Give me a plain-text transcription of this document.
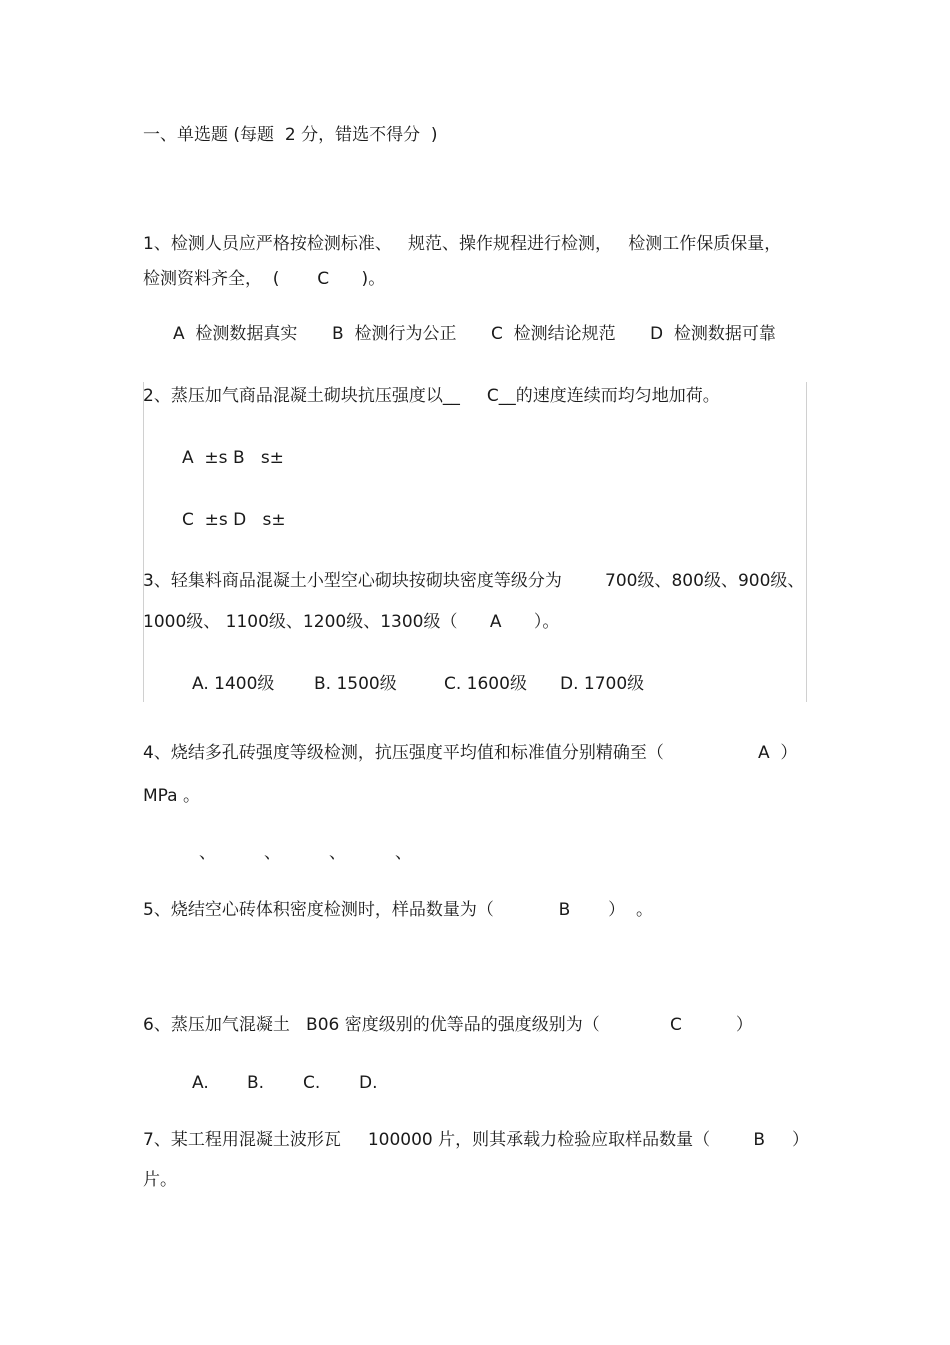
一、单选题 (每题  2 分，错选不得分  )
1、检测人员应严格按检测标准、   规范、操作规程进行检测，   检测工作保质保量，
检测资料齐全，  (       C      )。
A  检测数据真实 B  检测行为公正 C  检测结论规范 D  检测数据可靠
2、蒸压加气商品混凝土砌块抗压强度以__     C__的速度连续而均匀地加荷。
A  ±s B   s±
C  ±s D   s±
3、轻集料商品混凝土小型空心砌块按砌块密度等级分为        700级、800级、900级、
1000级、 1100级、1200级、1300级（      A      ）。
A. 1400级 B. 1500级	C. 1600级 D. 1700级
4、烧结多孔砖强度等级检测，抗压强度平均值和标准值分别精确至（	A  ）
MPa 。
、	、	、	、
5、烧结空心砖体积密度检测时，样品数量为（            B       ）  。
6、蒸压加气混凝土   B06 密度级别的优等品的强度级别为（             C          ）
A. B. C. D.
7、某工程用混凝土波形瓦     100000 片，则其承载力检验应取样品数量（        B     ）
片。
